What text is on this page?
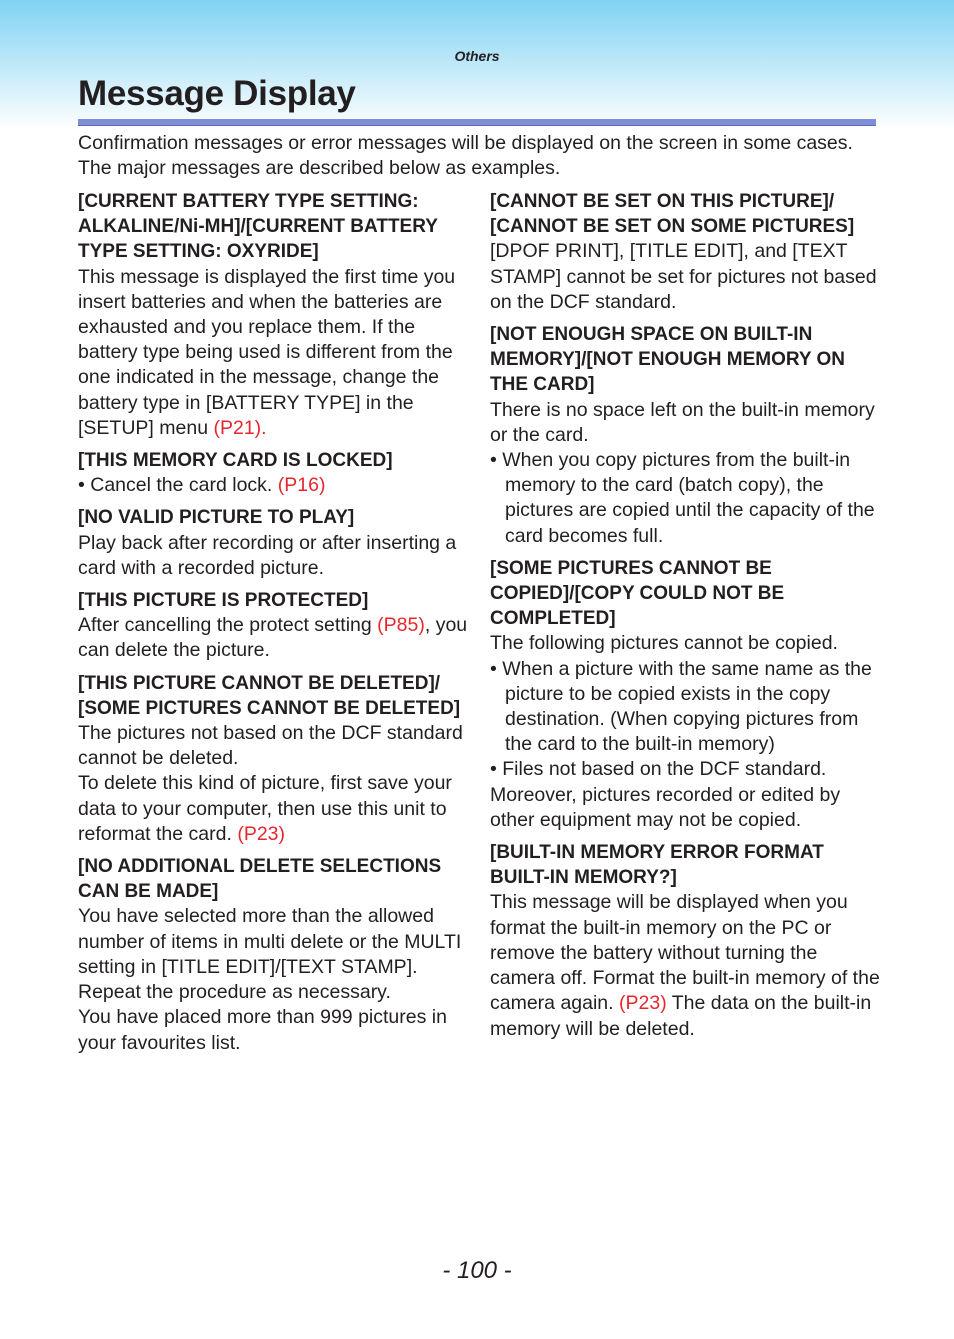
Others
Message Display

Confirmation messages or error messages will be displayed on the screen in some cases. The major messages are described below as examples.

[CURRENT BATTERY TYPE SETTING: ALKALINE/Ni-MH]/[CURRENT BATTERY TYPE SETTING: OXYRIDE]

This message is displayed the first time you insert batteries and when the batteries are exhausted and you replace them. If the battery type being used is different from the one indicated in the message, change the battery type in [BATTERY TYPE] in the [SETUP] menu (P21).

[THIS MEMORY CARD IS LOCKED]

• Cancel the card lock. (P16)

[NO VALID PICTURE TO PLAY]

Play back after recording or after inserting a card with a recorded picture.

[THIS PICTURE IS PROTECTED]

After cancelling the protect setting (P85), you can delete the picture.

[THIS PICTURE CANNOT BE DELETED]/ [SOME PICTURES CANNOT BE DELETED]

The pictures not based on the DCF standard cannot be deleted.

To delete this kind of picture, first save your data to your computer, then use this unit to reformat the card. (P23)

[NO ADDITIONAL DELETE SELECTIONS CAN BE MADE]

You have selected more than the allowed number of items in multi delete or the MULTI setting in [TITLE EDIT]/[TEXT STAMP]. Repeat the procedure as necessary.

You have placed more than 999 pictures in your favourites list.

[CANNOT BE SET ON THIS PICTURE]/ [CANNOT BE SET ON SOME PICTURES]

[DPOF PRINT], [TITLE EDIT], and [TEXT STAMP] cannot be set for pictures not based on the DCF standard.

[NOT ENOUGH SPACE ON BUILT-IN MEMORY]/[NOT ENOUGH MEMORY ON THE CARD]

There is no space left on the built-in memory or the card.

• When you copy pictures from the built-in memory to the card (batch copy), the pictures are copied until the capacity of the card becomes full.

[SOME PICTURES CANNOT BE COPIED]/[COPY COULD NOT BE COMPLETED]

The following pictures cannot be copied.

• When a picture with the same name as the picture to be copied exists in the copy destination. (When copying pictures from the card to the built-in memory)

• Files not based on the DCF standard.

Moreover, pictures recorded or edited by other equipment may not be copied.

[BUILT-IN MEMORY ERROR FORMAT BUILT-IN MEMORY?]

This message will be displayed when you format the built-in memory on the PC or remove the battery without turning the camera off. Format the built-in memory of the camera again. (P23) The data on the built-in memory will be deleted.

- 100 -
